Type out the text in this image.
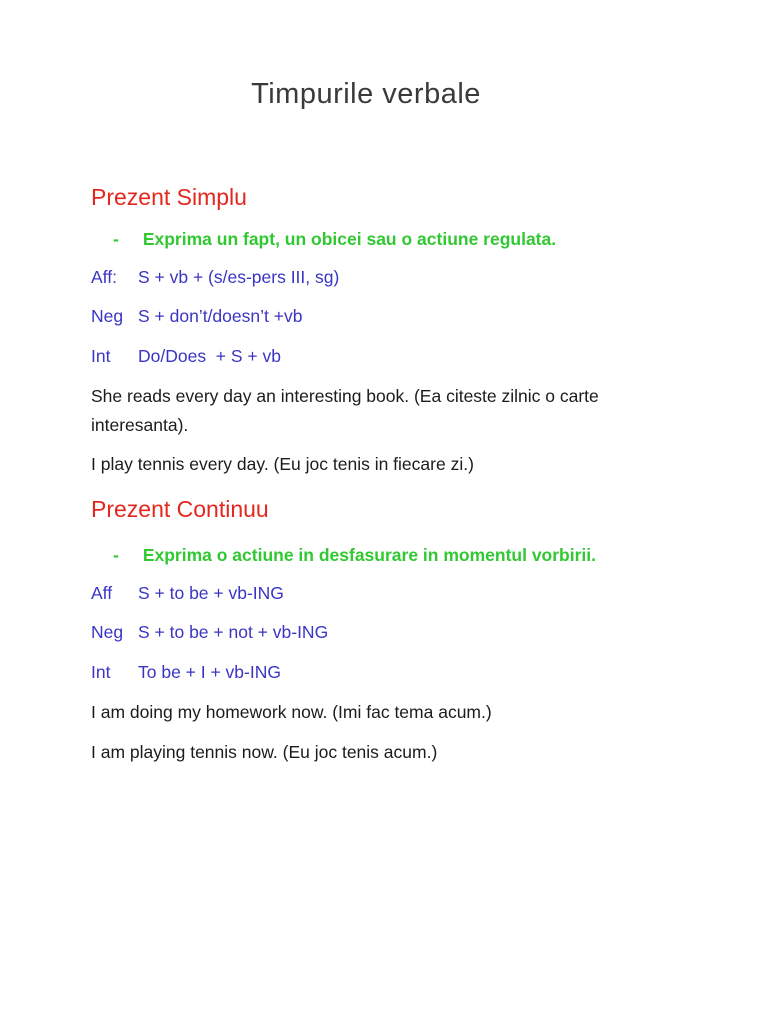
Timpurile verbale
Prezent Simplu
- Exprima un fapt, un obicei sau o actiune regulata.
Aff: S + vb + (s/es-pers III, sg)
Neg S + don’t/doesn’t +vb
Int Do/Does  + S + vb
She reads every day an interesting book. (Ea citeste zilnic o carte interesanta).
I play tennis every day. (Eu joc tenis in fiecare zi.)
Prezent Continuu
- Exprima o actiune in desfasurare in momentul vorbirii.
Aff S + to be + vb-ING
Neg S + to be + not + vb-ING
Int To be + I + vb-ING
I am doing my homework now. (Imi fac tema acum.)
I am playing tennis now. (Eu joc tenis acum.)
